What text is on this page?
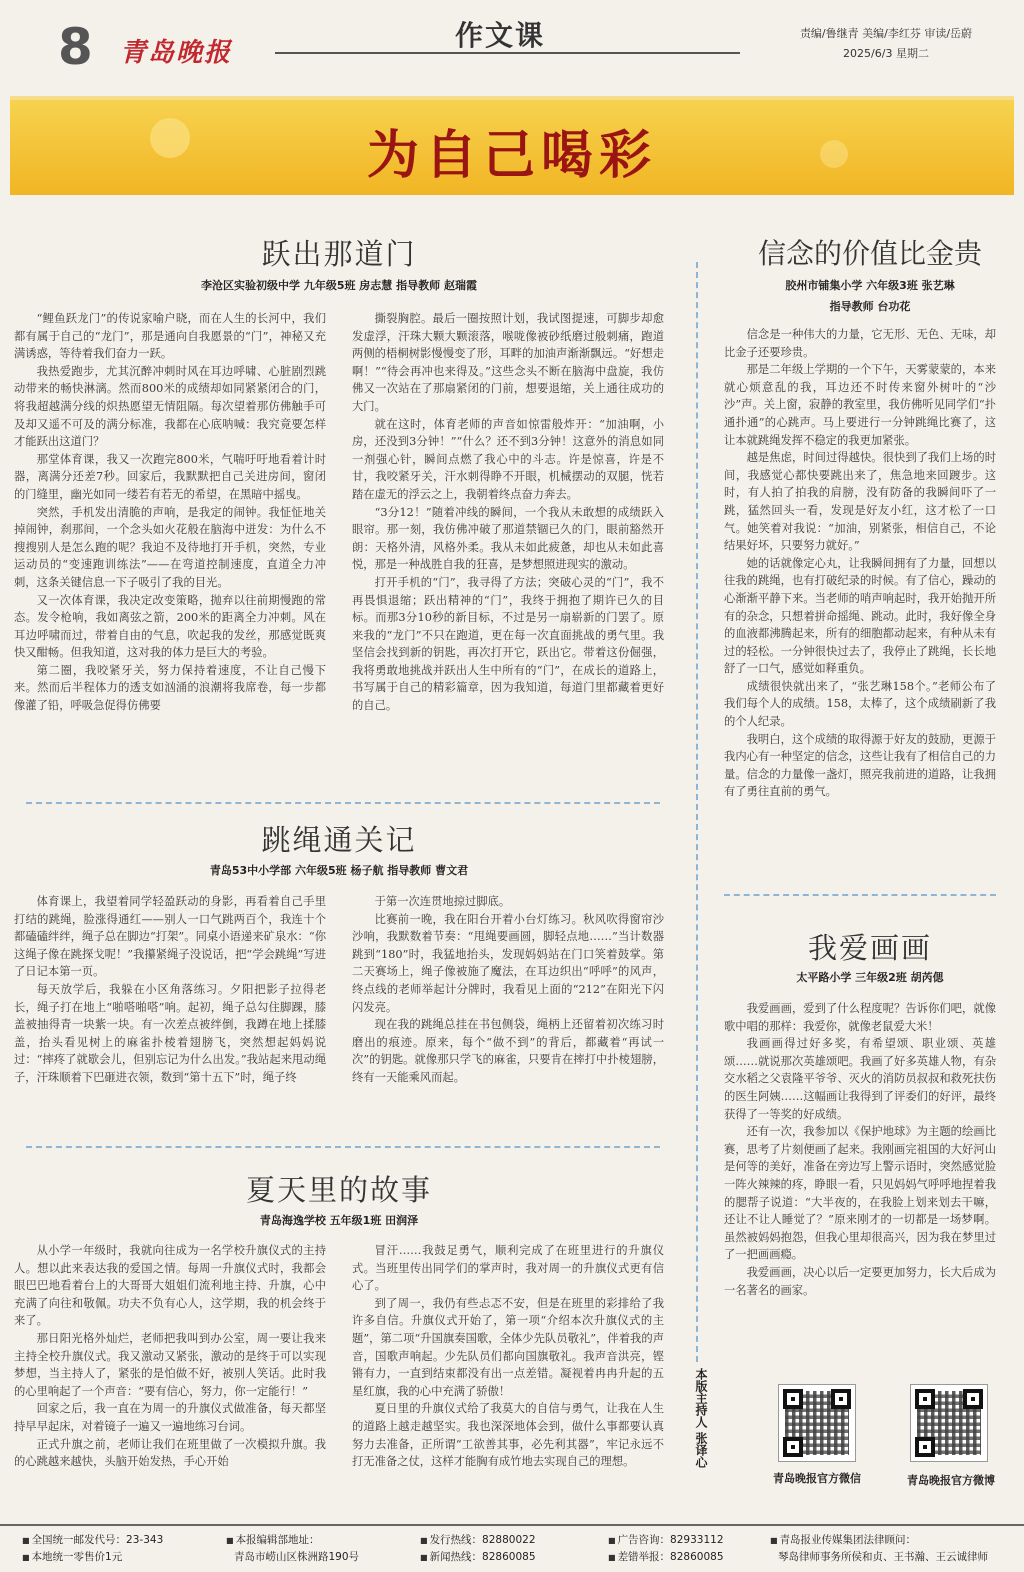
8 青岛晚报
作文课	责编/鲁继青 美编/李红芬 审读/岳蔚
2025/6/3 星期二
为自己喝彩
跃出那道门
李沧区实验初级中学 九年级5班 房志慧 指导教师 赵瑞霞

“鲤鱼跃龙门”的传说家喻户晓，而在人生的长河中，我们都有属于自己的“龙门”，那是通向自我愿景的“门”，神秘又充满诱惑，等待着我们奋力一跃。

我热爱跑步，尤其沉醉冲刺时风在耳边呼啸、心脏剧烈跳动带来的畅快淋漓。然而800米的成绩却如同紧紧闭合的门，将我超越满分线的炽热愿望无情阻隔。每次望着那仿佛触手可及却又遥不可及的满分标准，我都在心底呐喊：我究竟要怎样才能跃出这道门？

那堂体育课，我又一次跑完800米，气喘吁吁地看着计时器，离满分还差7秒。回家后，我默默把自己关进房间，窗闭的门缝里，幽光如同一缕若有若无的希望，在黑暗中摇曳。

突然，手机发出清脆的声响，是我定的闹钟。我怔怔地关掉闹钟，刹那间，一个念头如火花般在脑海中迸发：为什么不搜搜别人是怎么跑的呢？我迫不及待地打开手机，突然，专业运动员的“变速跑训练法”——在弯道控制速度，直道全力冲刺，这条关键信息一下子吸引了我的目光。

又一次体育课，我决定改变策略，抛弃以往前期慢跑的常态。发令枪响，我如离弦之箭，200米的距离全力冲刺。风在耳边呼啸而过，带着自由的气息，吹起我的发丝，那感觉既爽快又酣畅。但我知道，这对我的体力是巨大的考验。

第二圈，我咬紧牙关，努力保持着速度，不让自己慢下来。然而后半程体力的透支如汹涌的浪潮将我席卷，每一步都像灌了铅，呼吸急促得仿佛要

撕裂胸腔。最后一圈按照计划，我试图提速，可脚步却愈发虚浮，汗珠大颗大颗滚落，喉咙像被砂纸磨过般刺痛，跑道两侧的梧桐树影慢慢变了形，耳畔的加油声渐渐飘远。“好想走啊！”“待会再冲也来得及。”这些念头不断在脑海中盘旋，我仿佛又一次站在了那扇紧闭的门前，想要退缩，关上通往成功的大门。

就在这时，体育老师的声音如惊雷般炸开：“加油啊，小房，还没到3分钟！”“什么？还不到3分钟！这意外的消息如同一剂强心针，瞬间点燃了我心中的斗志。许是惊喜，许是不甘，我咬紧牙关，汗水刺得睁不开眼，机械摆动的双腿，恍若踏在虚无的浮云之上，我朝着终点奋力奔去。

“3分12！”随着冲线的瞬间，一个我从未敢想的成绩跃入眼帘。那一刻，我仿佛冲破了那道禁锢已久的门，眼前豁然开朗：天格外清，风格外柔。我从未如此疲惫，却也从未如此喜悦，那是一种战胜自我的狂喜，是梦想照进现实的激动。

打开手机的“门”，我寻得了方法；突破心灵的“门”，我不再畏惧退缩；跃出精神的“门”，我终于拥抱了期许已久的目标。而那3分10秒的新目标，不过是另一扇崭新的门罢了。原来我的“龙门”不只在跑道，更在每一次直面挑战的勇气里。我坚信会找到新的钥匙，再次打开它，跃出它。带着这份倔强，我将勇敢地挑战并跃出人生中所有的“门”，在成长的道路上，书写属于自己的精彩篇章，因为我知道，每道门里都藏着更好的自己。

跳绳通关记
青岛53中小学部 六年级5班 杨子航 指导教师 曹文君

体育课上，我望着同学轻盈跃动的身影，再看着自己手里打结的跳绳，脸涨得通红——别人一口气跳两百个，我连十个都磕磕绊绊，绳子总在脚边“打架”。同桌小语递来矿泉水：“你这绳子像在跳探戈呢！”我攥紧绳子没说话，把“学会跳绳”写进了日记本第一页。

每天放学后，我躲在小区角落练习。夕阳把影子拉得老长，绳子打在地上“啪嗒啪嗒”响。起初，绳子总勾住脚踝，膝盖被抽得青一块紫一块。有一次差点被绊倒，我蹲在地上揉膝盖，抬头看见树上的麻雀扑棱着翅膀飞，突然想起妈妈说过：“摔疼了就歇会儿，但别忘记为什么出发。”我站起来甩动绳子，汗珠顺着下巴砸进衣领，数到“第十五下”时，绳子终

于第一次连贯地掠过脚底。

比赛前一晚，我在阳台开着小台灯练习。秋风吹得窗帘沙沙响，我默数着节奏：“甩绳要画圆，脚轻点地……”当计数器跳到“180”时，我猛地抬头，发现妈妈站在门口笑着鼓掌。第二天赛场上，绳子像被施了魔法，在耳边织出“呼呼”的风声，终点线的老师举起计分牌时，我看见上面的“212”在阳光下闪闪发亮。

现在我的跳绳总挂在书包侧袋，绳柄上还留着初次练习时磨出的痕迹。原来，每个“做不到”的背后，都藏着“再试一次”的钥匙。就像那只学飞的麻雀，只要肯在摔打中扑棱翅膀，终有一天能乘风而起。

夏天里的故事
青岛海逸学校 五年级1班 田润泽

从小学一年级时，我就向往成为一名学校升旗仪式的主持人。想以此来表达我的爱国之情。每周一升旗仪式时，我都会眼巴巴地看着台上的大哥哥大姐姐们流利地主持、升旗，心中充满了向往和敬佩。功夫不负有心人，这学期，我的机会终于来了。

那日阳光格外灿烂，老师把我叫到办公室，周一要让我来主持全校升旗仪式。我又激动又紧张，激动的是终于可以实现梦想，当主持人了，紧张的是怕做不好，被别人笑话。此时我的心里响起了一个声音：“要有信心，努力，你一定能行！”

回家之后，我一直在为周一的升旗仪式做准备，每天都坚持早早起床，对着镜子一遍又一遍地练习台词。

正式升旗之前，老师让我们在班里做了一次模拟升旗。我的心跳越来越快，头脑开始发热，手心开始

冒汗……我鼓足勇气，顺利完成了在班里进行的升旗仪式。当班里传出同学们的掌声时，我对周一的升旗仪式更有信心了。

到了周一，我仍有些忐忑不安，但是在班里的彩排给了我许多自信。升旗仪式开始了，第一项“介绍本次升旗仪式的主题”，第二项“升国旗奏国歌，全体少先队员敬礼”，伴着我的声音，国歌声响起。少先队员们都向国旗敬礼。我声音洪亮，铿锵有力，一直到结束都没有出一点差错。凝视着冉冉升起的五星红旗，我的心中充满了骄傲！

夏日里的升旗仪式给了我莫大的自信与勇气，让我在人生的道路上越走越坚实。我也深深地体会到，做什么事都要认真努力去准备，正所谓“工欲善其事，必先利其器”，牢记永远不打无准备之仗，这样才能胸有成竹地去实现自己的理想。

信念的价值比金贵
胶州市铺集小学 六年级3班 张艺琳
指导教师 台功花

信念是一种伟大的力量，它无形、无色、无味，却比金子还要珍贵。

那是二年级上学期的一个下午，天雾蒙蒙的，本来就心烦意乱的我，耳边还不时传来窗外树叶的“沙沙”声。关上窗，寂静的教室里，我仿佛听见同学们“扑通扑通”的心跳声。马上要进行一分钟跳绳比赛了，这让本就跳绳发挥不稳定的我更加紧张。

越是焦虑，时间过得越快。很快到了我们上场的时间，我感觉心都快要跳出来了，焦急地来回踱步。这时，有人拍了拍我的肩膀，没有防备的我瞬间吓了一跳，猛然回头一看，发现是好友小红，这才松了一口气。她笑着对我说：“加油，别紧张，相信自己，不论结果好坏，只要努力就好。”

她的话就像定心丸，让我瞬间拥有了力量，回想以往我的跳绳，也有打破纪录的时候。有了信心，躁动的心渐渐平静下来。当老师的哨声响起时，我开始抛开所有的杂念，只想着拼命摇绳、跳动。此时，我好像全身的血液都沸腾起来，所有的细胞都动起来，有种从未有过的轻松。一分钟很快过去了，我停止了跳绳，长长地舒了一口气，感觉如释重负。

成绩很快就出来了，“张艺琳158个。”老师公布了我们每个人的成绩。158，太棒了，这个成绩刷新了我的个人纪录。

我明白，这个成绩的取得源于好友的鼓励，更源于我内心有一种坚定的信念，这些让我有了相信自己的力量。信念的力量像一盏灯，照亮我前进的道路，让我拥有了勇往直前的勇气。

我爱画画
太平路小学 三年级2班 胡芮偲

我爱画画，爱到了什么程度呢？告诉你们吧，就像歌中唱的那样：我爱你，就像老鼠爱大米！

我画画得过好多奖，有希望颂、职业颂、英雄颂……就说那次英雄颂吧。我画了好多英雄人物，有杂交水稻之父袁隆平爷爷、灭火的消防员叔叔和救死扶伤的医生阿姨……这幅画让我得到了评委们的好评，最终获得了一等奖的好成绩。

还有一次，我参加以《保护地球》为主题的绘画比赛，思考了片刻便画了起来。我刚画完祖国的大好河山是何等的美好，准备在旁边写上警示语时，突然感觉脸一阵火辣辣的疼，睁眼一看，只见妈妈气呼呼地捏着我的腮帮子说道：“大半夜的，在我脸上划来划去干嘛，还让不让人睡觉了？”原来刚才的一切都是一场梦啊。虽然被妈妈抱怨，但我心里却很高兴，因为我在梦里过了一把画画瘾。

我爱画画，决心以后一定要更加努力，长大后成为一名著名的画家。

本版主持人 张译心
青岛晚报官方微信	青岛晚报官方微博
■ 全国统一邮发代号：23-343
■ 本地统一零售价1元
■ 本报编辑部地址：
青岛市崂山区株洲路190号
■ 发行热线：82880022
■ 新闻热线：82860085
■ 广告咨询：82933112
■ 差错举报：82860085
■ 青岛报业传媒集团法律顾问：
琴岛律师事务所侯和贞、王书瀚、王云诚律师
